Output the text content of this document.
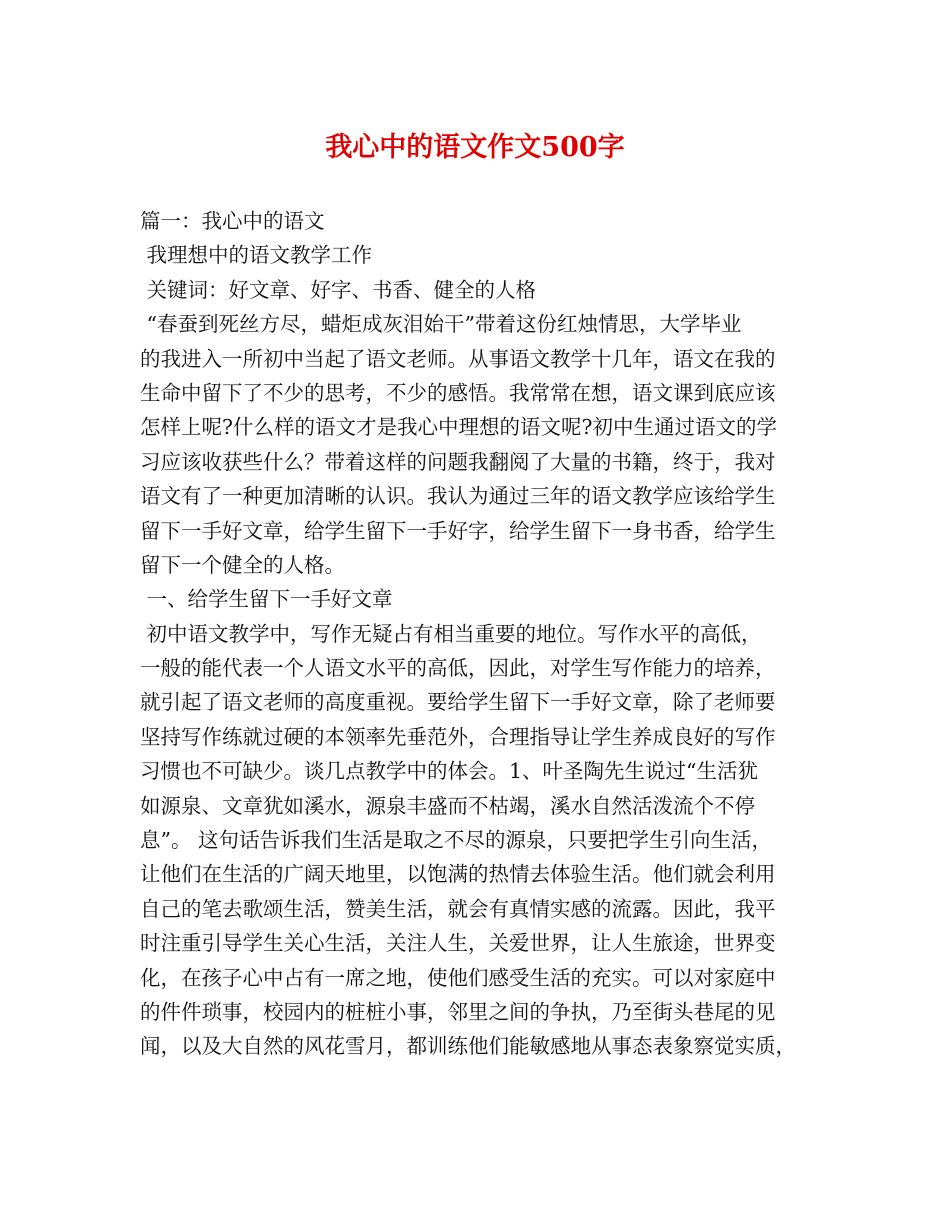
我心中的语文作文500字
篇一：我心中的语文
我理想中的语文教学工作
关键词：好文章、好字、书香、健全的人格
“春蚕到死丝方尽，蜡炬成灰泪始干”带着这份红烛情思，大学毕业
的我进入一所初中当起了语文老师。从事语文教学十几年，语文在我的
生命中留下了不少的思考，不少的感悟。我常常在想，语文课到底应该
怎样上呢?什么样的语文才是我心中理想的语文呢?初中生通过语文的学
习应该收获些什么？带着这样的问题我翻阅了大量的书籍，终于，我对
语文有了一种更加清晰的认识。我认为通过三年的语文教学应该给学生
留下一手好文章，给学生留下一手好字，给学生留下一身书香，给学生
留下一个健全的人格。
一、给学生留下一手好文章
初中语文教学中，写作无疑占有相当重要的地位。写作水平的高低，
一般的能代表一个人语文水平的高低，因此，对学生写作能力的培养，
就引起了语文老师的高度重视。要给学生留下一手好文章，除了老师要
坚持写作练就过硬的本领率先垂范外，合理指导让学生养成良好的写作
习惯也不可缺少。谈几点教学中的体会。1、叶圣陶先生说过“生活犹
如源泉、文章犹如溪水，源泉丰盛而不枯竭，溪水自然活泼流个不停
息”。 这句话告诉我们生活是取之不尽的源泉，只要把学生引向生活，
让他们在生活的广阔天地里，以饱满的热情去体验生活。他们就会利用
自己的笔去歌颂生活，赞美生活，就会有真情实感的流露。因此，我平
时注重引导学生关心生活，关注人生，关爱世界，让人生旅途，世界变
化，在孩子心中占有一席之地，使他们感受生活的充实。可以对家庭中
的件件琐事，校园内的桩桩小事，邻里之间的争执，乃至街头巷尾的见
闻，以及大自然的风花雪月，都训练他们能敏感地从事态表象察觉实质，
